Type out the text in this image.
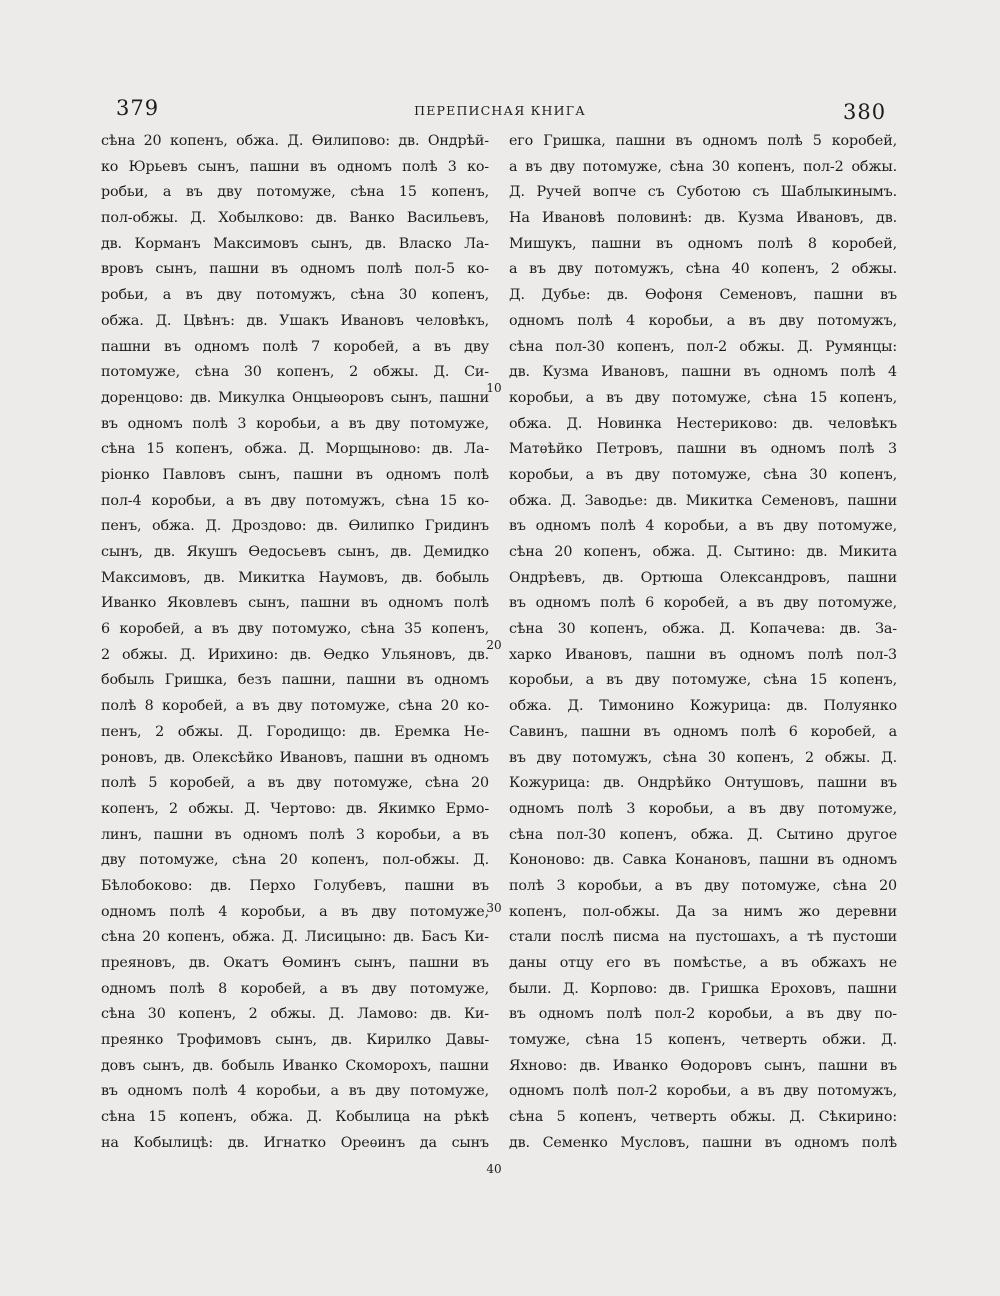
379	ПЕРЕПИСНАЯ КНИГА	380
сѣна 20 копенъ, обжа. Д. Ѳилипово: дв. Ондрѣй-
ко Юрьевъ сынъ, пашни въ одномъ полѣ 3 ко-
робьи, а въ дву потомуже, сѣна 15 копенъ,
пол-обжы. Д. Хобылково: дв. Ванко Васильевъ,
дв. Корманъ Максимовъ сынъ, дв. Власко Ла-
вровъ сынъ, пашни въ одномъ полѣ пол-5 ко-
робьи, а въ дву потомужъ, сѣна 30 копенъ,
обжа. Д. Цвѣнъ: дв. Ушакъ Ивановъ человѣкъ,
пашни въ одномъ полѣ 7 коробей, а въ дву
потомуже, сѣна 30 копенъ, 2 обжы. Д. Си-
доренцово: дв. Микулка Онцыѳоровъ сынъ, пашни
въ одномъ полѣ 3 коробьи, а въ дву потомуже,
сѣна 15 копенъ, обжа. Д. Морщыново: дв. Ла-
ріонко Павловъ сынъ, пашни въ одномъ полѣ
пол-4 коробьи, а въ дву потомужъ, сѣна 15 ко-
пенъ, обжа. Д. Дроздово: дв. Ѳилипко Гридинъ
сынъ, дв. Якушъ Ѳедосьевъ сынъ, дв. Демидко
Максимовъ, дв. Микитка Наумовъ, дв. бобыль
Иванко Яковлевъ сынъ, пашни въ одномъ полѣ
6 коробей, а въ дву потомужо, сѣна 35 копенъ,
2 обжы. Д. Ирихино: дв. Ѳедко Ульяновъ, дв.
бобыль Гришка, безъ пашни, пашни въ одномъ
полѣ 8 коробей, а въ дву потомуже, сѣна 20 ко-
пенъ, 2 обжы. Д. Городищо: дв. Еремка Не-
роновъ, дв. Олексѣйко Ивановъ, пашни въ одномъ
полѣ 5 коробей, а въ дву потомуже, сѣна 20
копенъ, 2 обжы. Д. Чертово: дв. Якимко Ермо-
линъ, пашни въ одномъ полѣ 3 коробьи, а въ
дву потомуже, сѣна 20 копенъ, пол-обжы. Д.
Бѣлобоково: дв. Перхо Голубевъ, пашни въ
одномъ полѣ 4 коробьи, а въ дву потомуже,
сѣна 20 копенъ, обжа. Д. Лисицыно: дв. Басъ Ки-
преяновъ, дв. Окатъ Ѳоминъ сынъ, пашни въ
одномъ полѣ 8 коробей, а въ дву потомуже,
сѣна 30 копенъ, 2 обжы. Д. Ламово: дв. Ки-
преянко Трофимовъ сынъ, дв. Кирилко Давы-
довъ сынъ, дв. бобыль Иванко Скоморохъ, пашни
въ одномъ полѣ 4 коробьи, а въ дву потомуже,
сѣна 15 копенъ, обжа. Д. Кобылица на рѣкѣ
на Кобылицѣ: дв. Игнатко Ореѳинъ да сынъ
его Гришка, пашни въ одномъ полѣ 5 коробей,
а въ дву потомуже, сѣна 30 копенъ, пол-2 обжы.
Д. Ручей вопче съ Суботою съ Шаблыкинымъ.
На Ивановѣ половинѣ: дв. Кузма Ивановъ, дв.
Мишукъ, пашни въ одномъ полѣ 8 коробей,
а въ дву потомужъ, сѣна 40 копенъ, 2 обжы.
Д. Дубье: дв. Ѳофоня Семеновъ, пашни въ
одномъ полѣ 4 коробьи, а въ дву потомужъ,
сѣна пол-30 копенъ, пол-2 обжы. Д. Румянцы:
дв. Кузма Ивановъ, пашни въ одномъ полѣ 4
коробьи, а въ дву потомуже, сѣна 15 копенъ,
обжа. Д. Новинка Нестериково: дв. человѣкъ
Матѳѣйко Петровъ, пашни въ одномъ полѣ 3
коробьи, а въ дву потомуже, сѣна 30 копенъ,
обжа. Д. Заводье: дв. Микитка Семеновъ, пашни
въ одномъ полѣ 4 коробьи, а въ дву потомуже,
сѣна 20 копенъ, обжа. Д. Сытино: дв. Микита
Ондрѣевъ, дв. Ортюша Олександровъ, пашни
въ одномъ полѣ 6 коробей, а въ дву потомуже,
сѣна 30 копенъ, обжа. Д. Копачева: дв. За-
харко Ивановъ, пашни въ одномъ полѣ пол-3
коробьи, а въ дву потомуже, сѣна 15 копенъ,
обжа. Д. Тимонино Кожурица: дв. Полуянко
Савинъ, пашни въ одномъ полѣ 6 коробей, а
въ дву потомужъ, сѣна 30 копенъ, 2 обжы. Д.
Кожурица: дв. Ондрѣйко Онтушовъ, пашни въ
одномъ полѣ 3 коробьи, а въ дву потомуже,
сѣна пол-30 копенъ, обжа. Д. Сытино другое
Кононово: дв. Савка Конановъ, пашни въ одномъ
полѣ 3 коробьи, а въ дву потомуже, сѣна 20
копенъ, пол-обжы. Да за нимъ жо деревни
стали послѣ писма на пустошахъ, а тѣ пустоши
даны отцу его въ помѣстье, а въ обжахъ не
были. Д. Корпово: дв. Гришка Ероховъ, пашни
въ одномъ полѣ пол-2 коробьи, а въ дву по-
томуже, сѣна 15 копенъ, четверть обжи. Д.
Яхново: дв. Иванко Ѳодоровъ сынъ, пашни въ
одномъ полѣ пол-2 коробьи, а въ дву потомужъ,
сѣна 5 копенъ, четверть обжы. Д. Сѣкирино:
дв. Семенко Мусловъ, пашни въ одномъ полѣ
10
20
30
40
